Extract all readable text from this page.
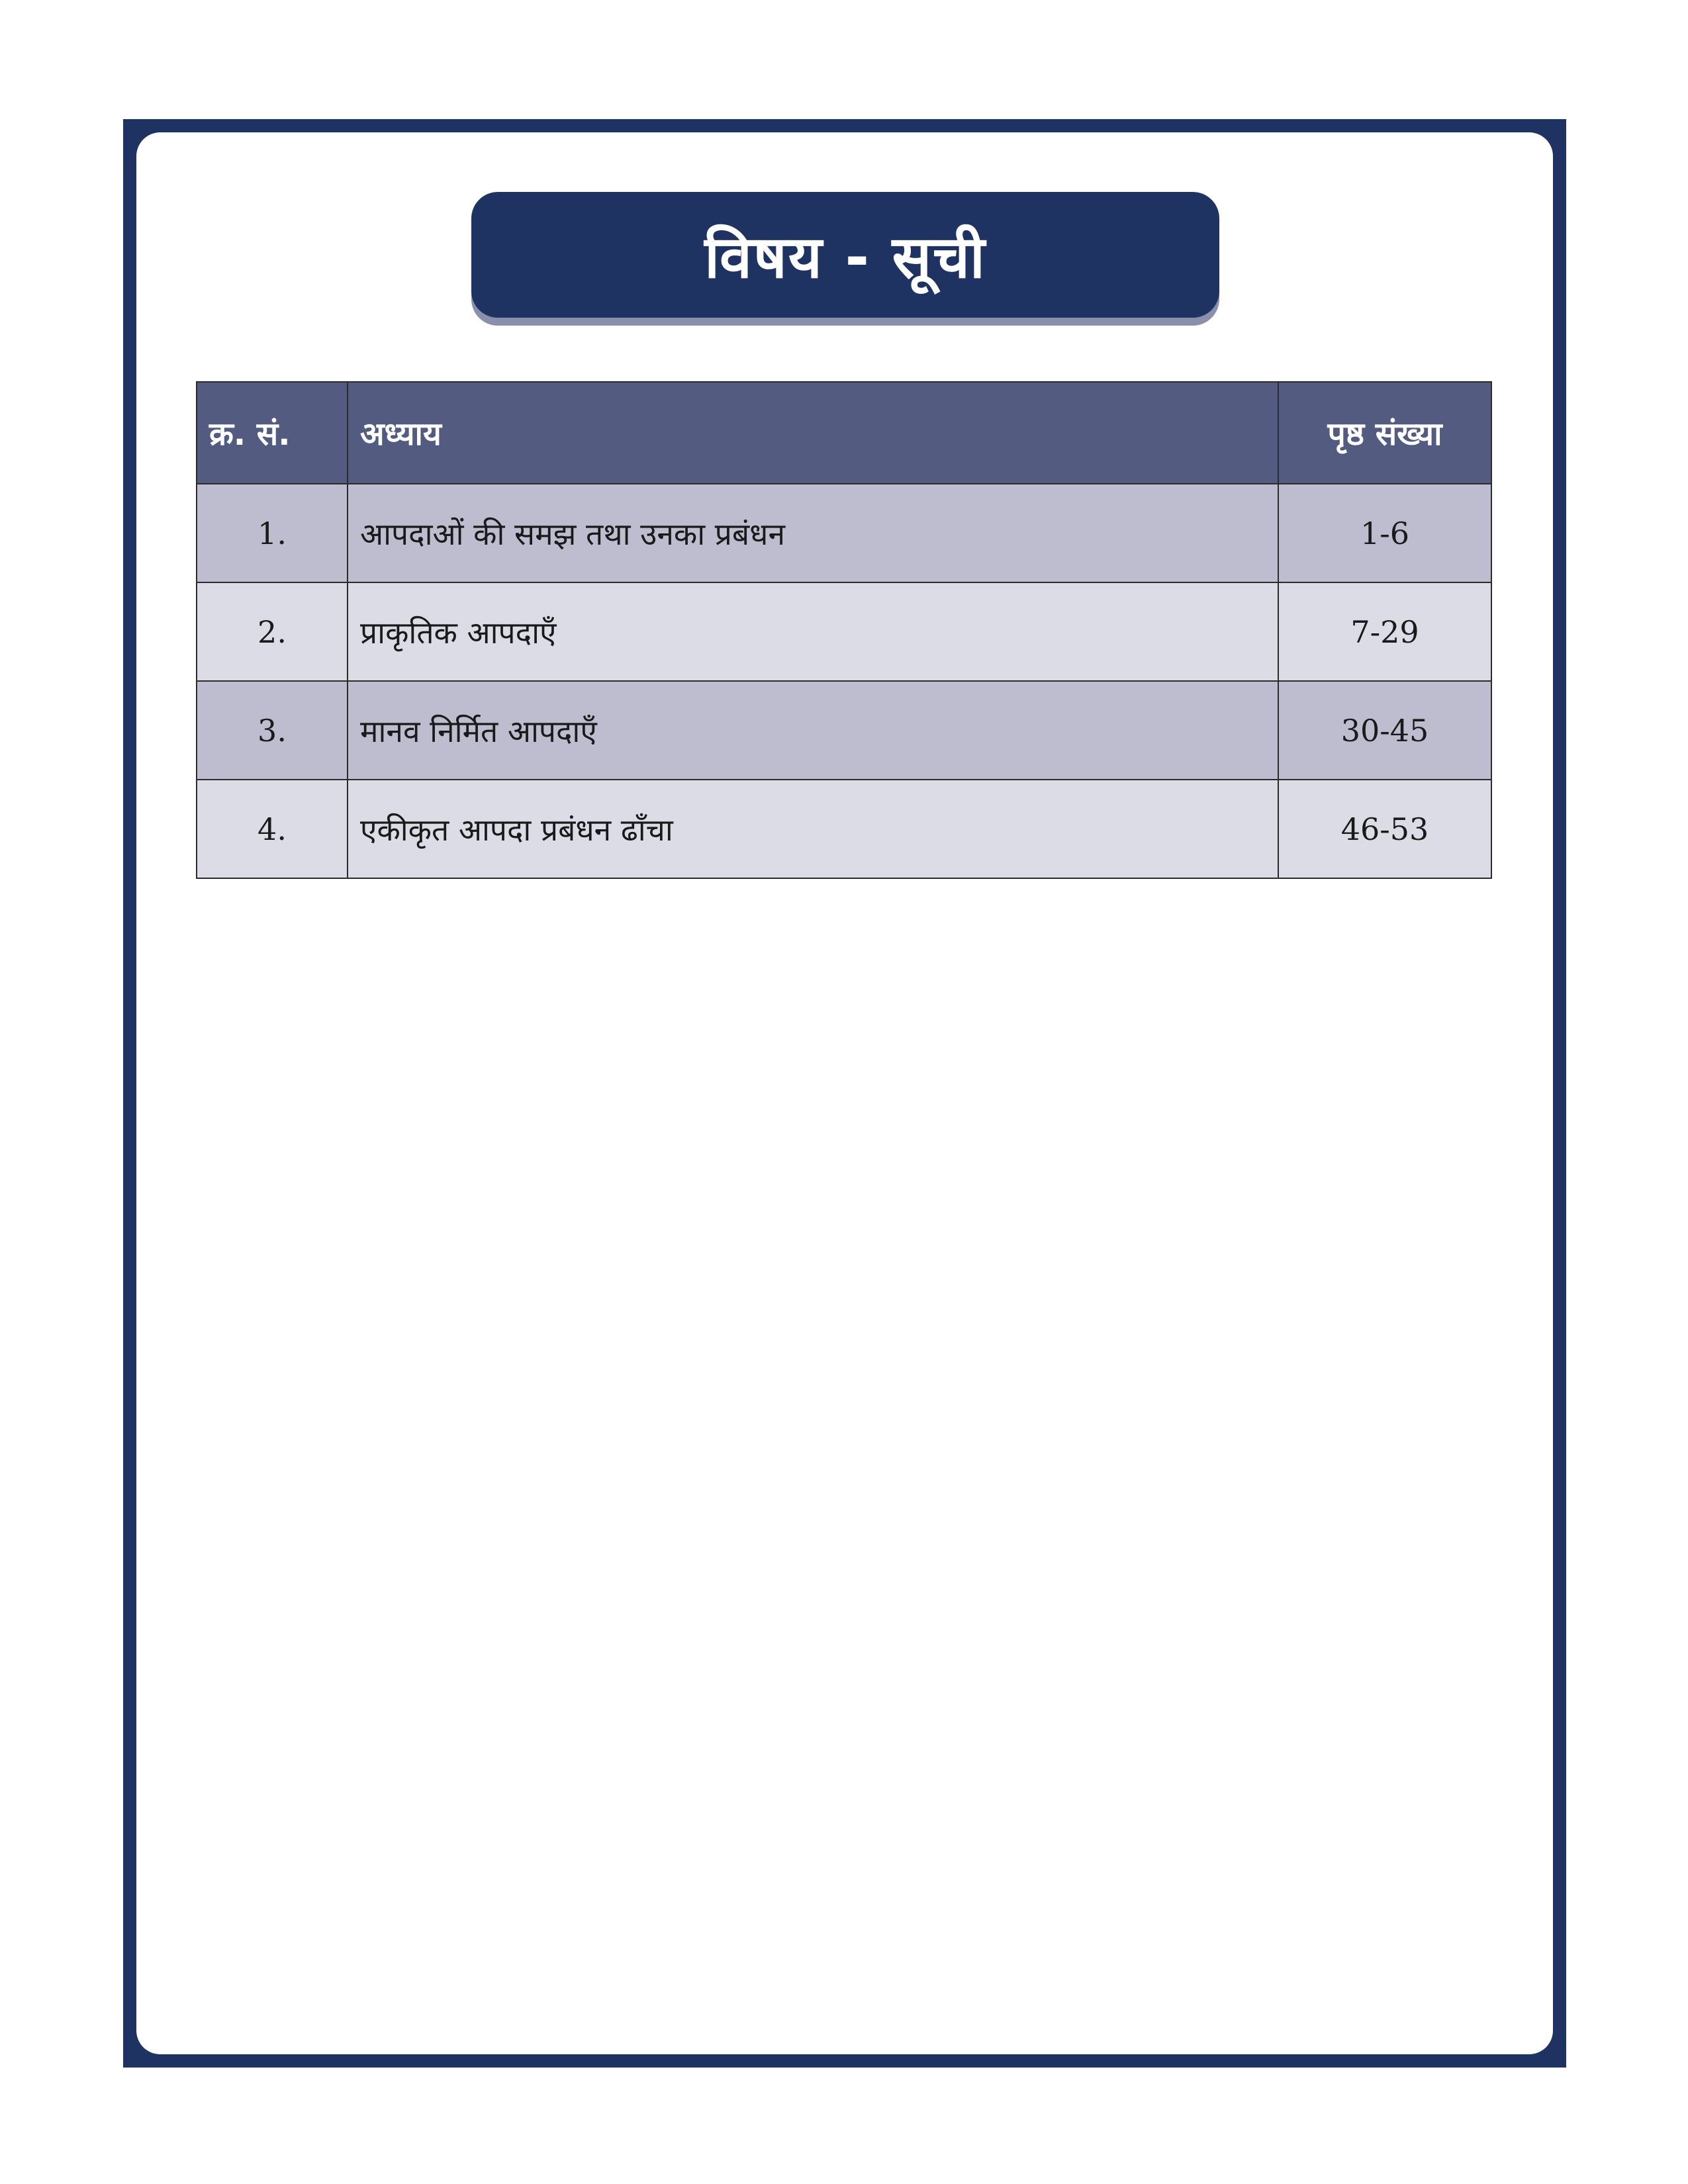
विषय - सूची
क्र. सं.	अध्याय	पृष्ठ संख्या
1.	आपदाओं की समझ तथा उनका प्रबंधन	1-6
2.	प्राकृतिक आपदाएँ	7-29
3.	मानव निर्मित आपदाएँ	30-45
4.	एकीकृत आपदा प्रबंधन ढाँचा	46-53
